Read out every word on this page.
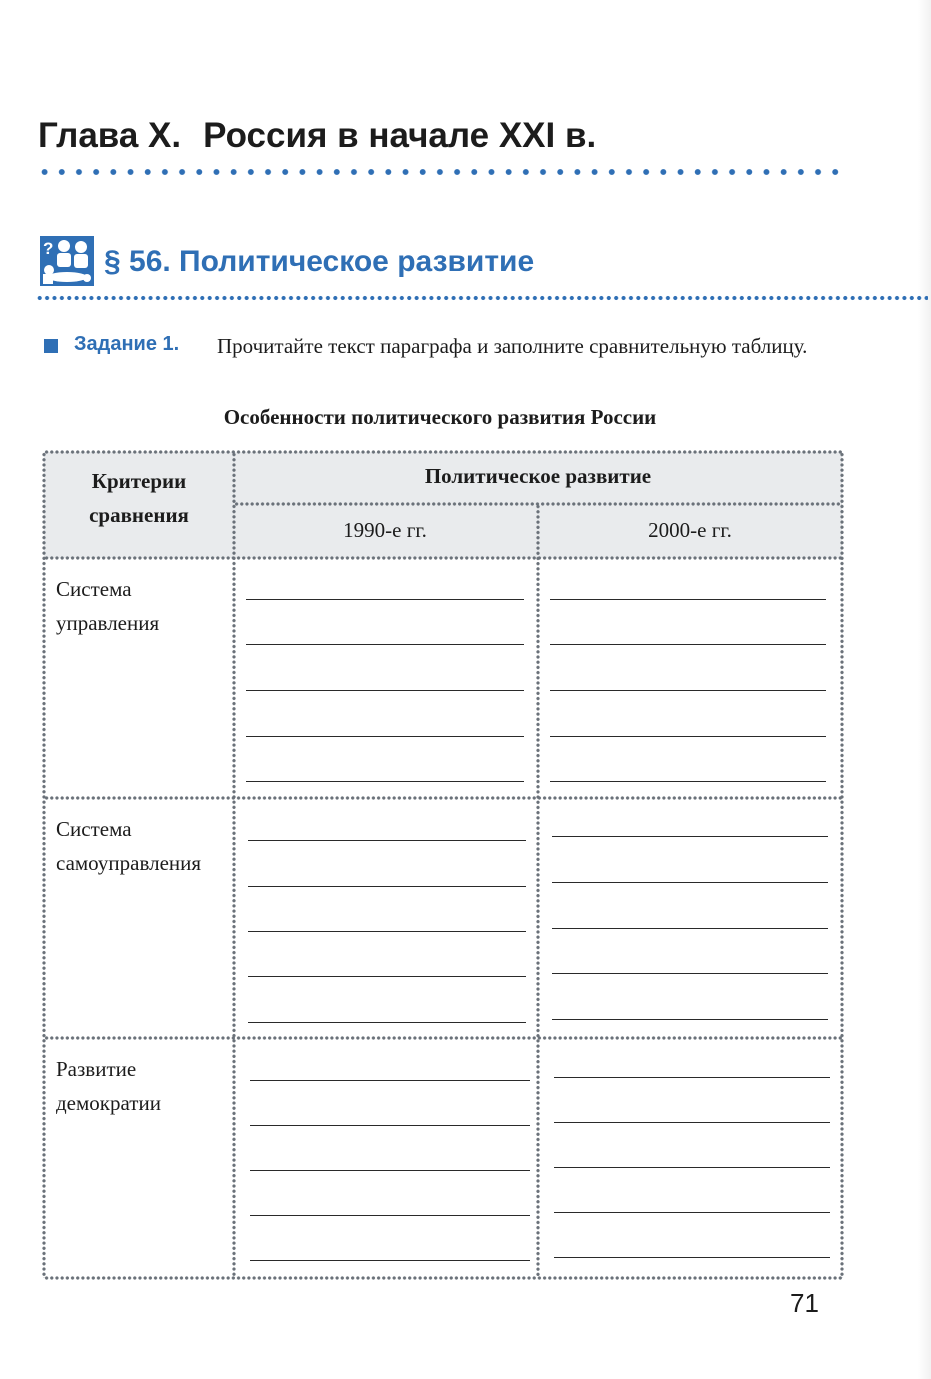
Глава Х. Россия в начале XXI в.
? § 56. Политическое развитие
Задание 1. Прочитайте текст параграфа и заполните сравнительную таблицу.
Особенности политического развития России
Критерии сравнения
Политическое развитие
1990-е гг.	2000-е гг.
Система управления
Система самоуправления
Развитие демократии
71
